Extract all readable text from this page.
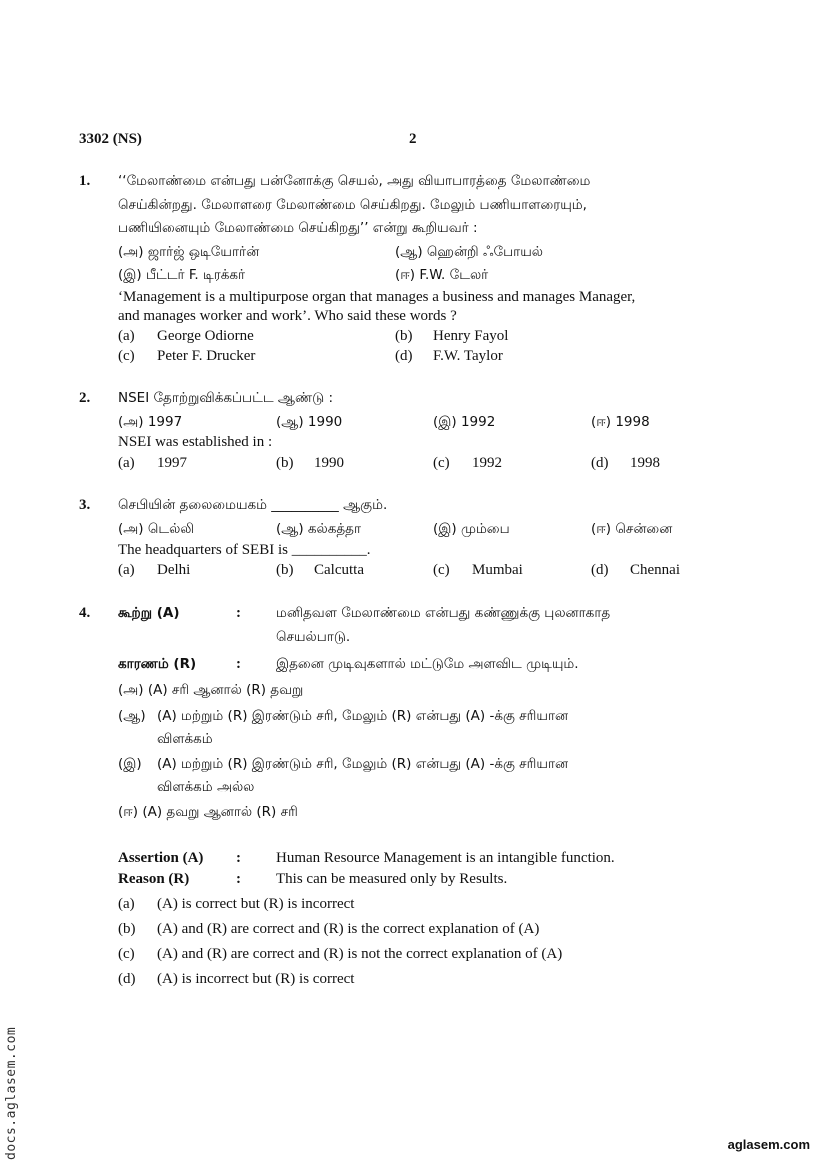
3302 (NS)	2
1. ‘‘மேலாண்மை என்பது பன்னோக்கு செயல், அது வியாபாரத்தை மேலாண்மை
செய்கின்றது. மேலாளரை மேலாண்மை செய்கிறது. மேலும் பணியாளரையும்,
பணியினையும் மேலாண்மை செய்கிறது’’ என்று கூறியவர் :
(அ) ஜார்ஜ் ஒடியோர்ன்	(ஆ) ஹென்றி ஃபோயல்
(இ) பீட்டர் F. டிரக்கர்	(ஈ) F.W. டேலர்
‘Management is a multipurpose organ that manages a business and manages Manager,
and manages worker and work’. Who said these words ?
(a) George Odiorne	(b) Henry Fayol
(c) Peter F. Drucker	(d) F.W. Taylor
2. NSEI தோற்றுவிக்கப்பட்ட ஆண்டு :
(அ) 1997	(ஆ) 1990	(இ) 1992	(ஈ) 1998
NSEI was established in :
(a) 1997	(b) 1990	(c) 1992	(d) 1998
3. செபியின் தலைமையகம் __________ ஆகும்.
(அ) டெல்லி	(ஆ) கல்கத்தா	(இ) மும்பை	(ஈ) சென்னை
The headquarters of SEBI is __________.
(a) Delhi	(b) Calcutta	(c) Mumbai	(d) Chennai
4. கூற்று (A)	:	மனிதவள மேலாண்மை என்பது கண்ணுக்கு புலனாகாத
செயல்பாடு.
காரணம் (R)	:	இதனை முடிவுகளால் மட்டுமே அளவிட முடியும்.
(அ) (A) சரி ஆனால் (R) தவறு
(ஆ) (A) மற்றும் (R) இரண்டும் சரி, மேலும் (R) என்பது (A) -க்கு சரியான
விளக்கம்
(இ) (A) மற்றும் (R) இரண்டும் சரி, மேலும் (R) என்பது (A) -க்கு சரியான
விளக்கம் அல்ல
(ஈ) (A) தவறு ஆனால் (R) சரி
Assertion (A) : Human Resource Management is an intangible function.
Reason (R)	: This can be measured only by Results.
(a) (A) is correct but (R) is incorrect
(b) (A) and (R) are correct and (R) is the correct explanation of (A)
(c) (A) and (R) are correct and (R) is not the correct explanation of (A)
(d) (A) is incorrect but (R) is correct
docs.aglasem.com	aglasem.com
